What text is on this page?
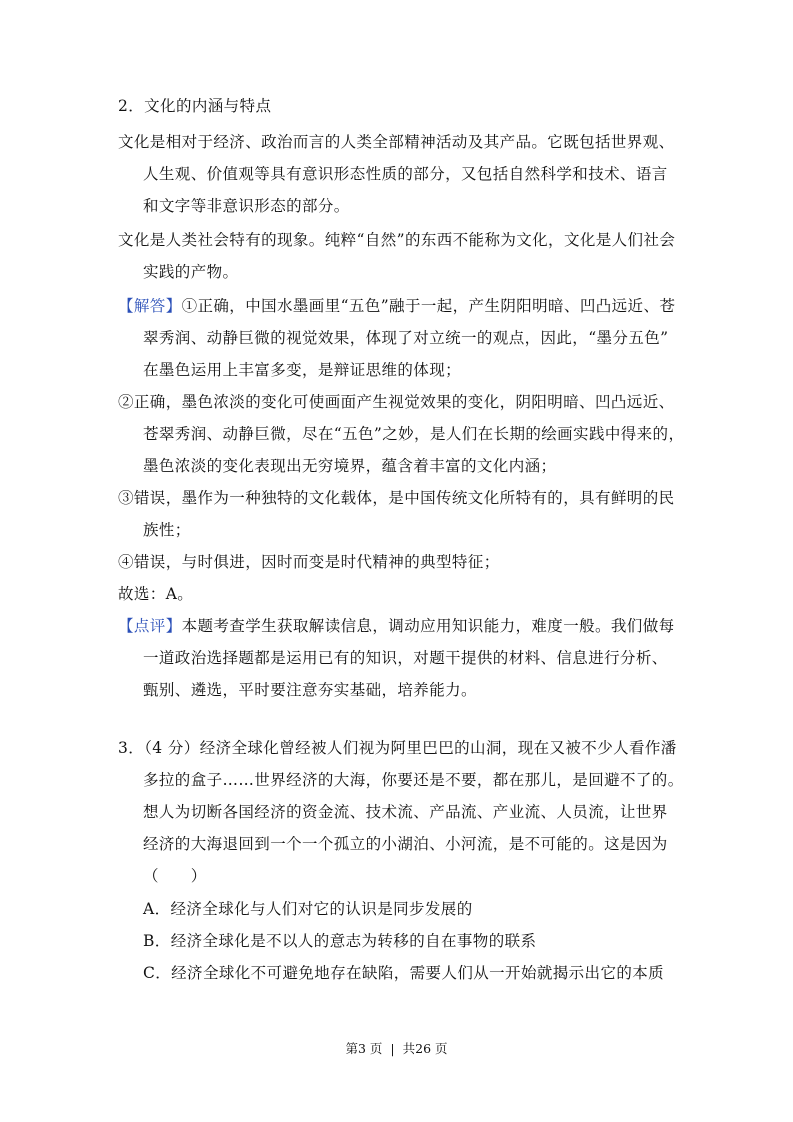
2．文化的内涵与特点
文化是相对于经济、政治而言的人类全部精神活动及其产品。它既包括世界观、
人生观、价值观等具有意识形态性质的部分，又包括自然科学和技术、语言
和文字等非意识形态的部分。
文化是人类社会特有的现象。纯粹“自然”的东西不能称为文化，文化是人们社会
实践的产物。
【解答】①正确，中国水墨画里“五色”融于一起，产生阴阳明暗、凹凸远近、苍
翠秀润、动静巨微的视觉效果，体现了对立统一的观点，因此，“墨分五色”
在墨色运用上丰富多变，是辩证思维的体现；
②正确，墨色浓淡的变化可使画面产生视觉效果的变化，阴阳明暗、凹凸远近、
苍翠秀润、动静巨微，尽在“五色”之妙，是人们在长期的绘画实践中得来的，
墨色浓淡的变化表现出无穷境界，蕴含着丰富的文化内涵；
③错误，墨作为一种独特的文化载体，是中国传统文化所特有的，具有鲜明的民
族性；
④错误，与时俱进，因时而变是时代精神的典型特征；
故选：A。
【点评】本题考查学生获取解读信息，调动应用知识能力，难度一般。我们做每
一道政治选择题都是运用已有的知识，对题干提供的材料、信息进行分析、
甄别、遴选，平时要注意夯实基础，培养能力。
3．（4 分）经济全球化曾经被人们视为阿里巴巴的山洞，现在又被不少人看作潘
多拉的盒子……世界经济的大海，你要还是不要，都在那儿，是回避不了的。
想人为切断各国经济的资金流、技术流、产品流、产业流、人员流，让世界
经济的大海退回到一个一个孤立的小湖泊、小河流，是不可能的。这是因为
（　　）
A．经济全球化与人们对它的认识是同步发展的
B．经济全球化是不以人的意志为转移的自在事物的联系
C．经济全球化不可避免地存在缺陷，需要人们从一开始就揭示出它的本质
第3 页 | 共26 页
